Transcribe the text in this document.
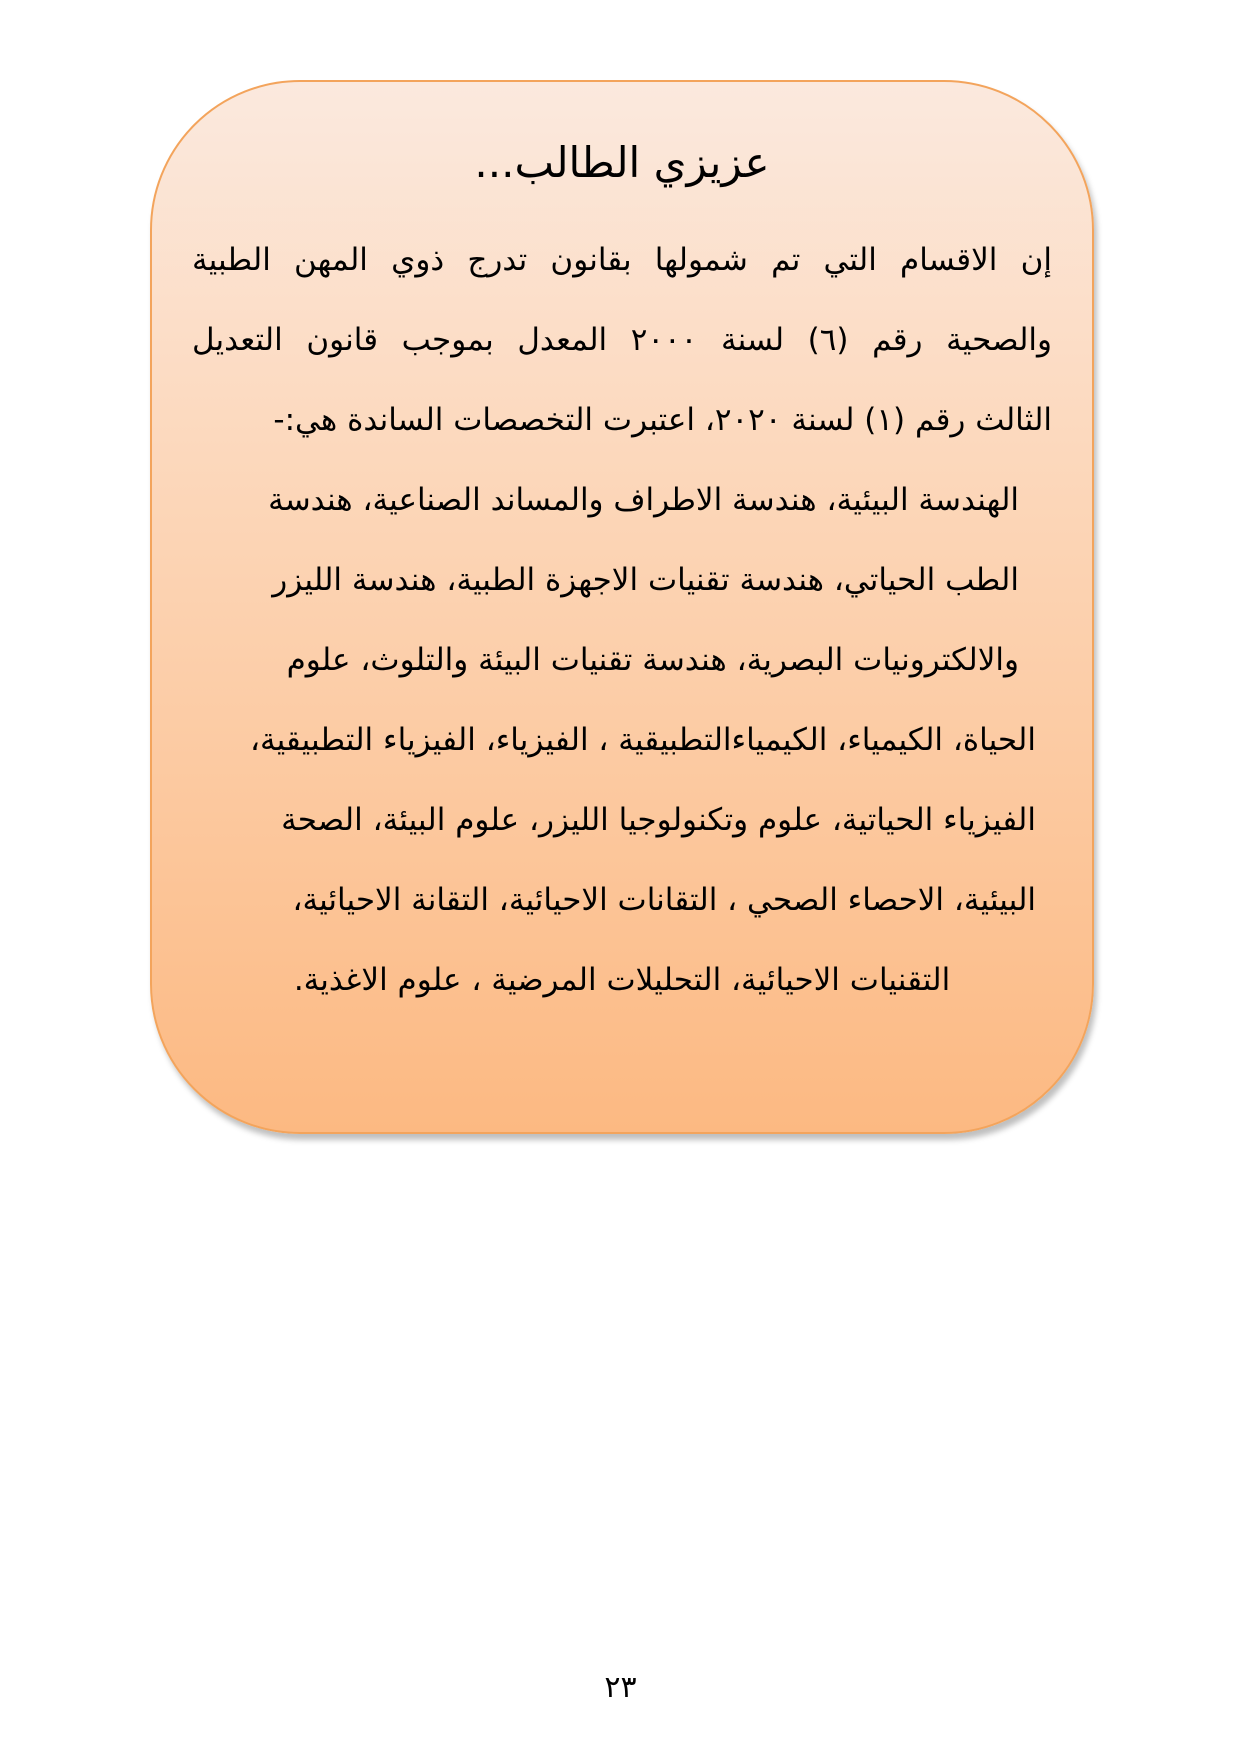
عزيزي الطالب...
إن الاقسام التي تم شمولها بقانون تدرج ذوي المهن الطبية
والصحية رقم (٦) لسنة ٢٠٠٠ المعدل بموجب قانون التعديل
الثالث رقم (١) لسنة ٢٠٢٠، اعتبرت التخصصات الساندة هي:-
الهندسة البيئية، هندسة الاطراف والمساند الصناعية، هندسة
الطب الحياتي، هندسة تقنيات الاجهزة الطبية، هندسة الليزر
والالكترونيات البصرية، هندسة تقنيات البيئة والتلوث، علوم
الحياة، الكيمياء، الكيمياءالتطبيقية ، الفيزياء، الفيزياء التطبيقية،
الفيزياء الحياتية، علوم وتكنولوجيا الليزر، علوم البيئة، الصحة
البيئية، الاحصاء الصحي ، التقانات الاحيائية، التقانة الاحيائية،
التقنيات الاحيائية، التحليلات المرضية ، علوم الاغذية.
٢٣
